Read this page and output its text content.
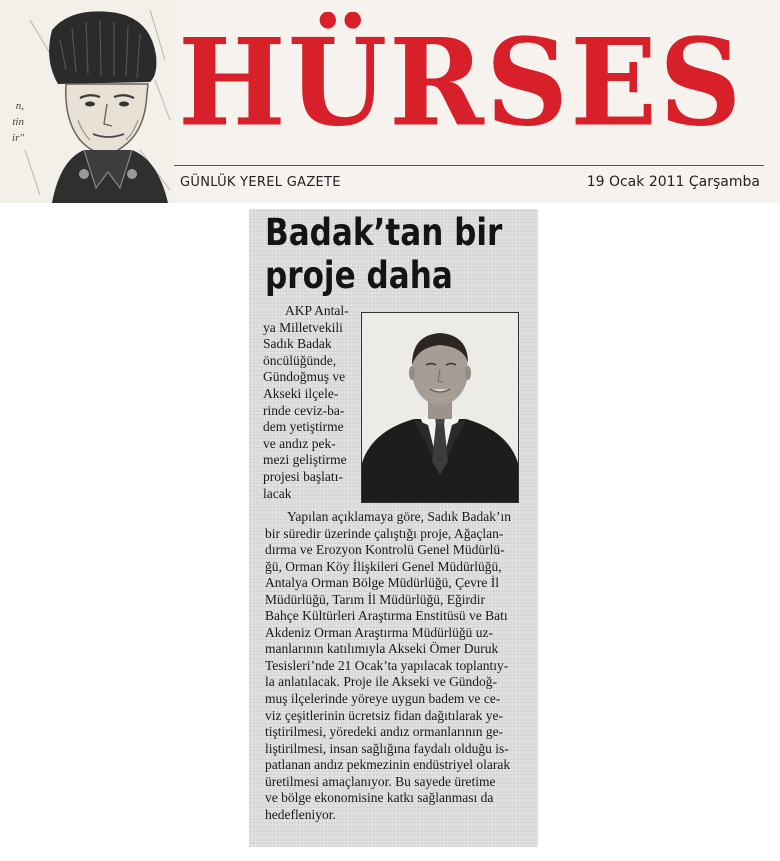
n,
tin
ir" HÜRSES
GÜNLÜK YEREL GAZETE	19 Ocak 2011 Çarşamba
Badak’tan bir
proje daha
AKP Antal-
ya Milletvekili
Sadık Badak
öncülüğünde,
Gündoğmuş ve
Akseki ilçele-
rinde ceviz-ba-
dem yetiştirme
ve andız pek-
mezi geliştirme
projesi başlatı-
lacak
Yapılan açıklamaya göre, Sadık Badak’ın
bir süredir üzerinde çalıştığı proje, Ağaçlan-
dırma ve Erozyon Kontrolü Genel Müdürlü-
ğü, Orman Köy İlişkileri Genel Müdürlüğü,
Antalya Orman Bölge Müdürlüğü, Çevre İl
Müdürlüğü, Tarım İl Müdürlüğü, Eğirdir
Bahçe Kültürleri Araştırma Enstitüsü ve Batı
Akdeniz Orman Araştırma Müdürlüğü uz-
manlarının katılımıyla Akseki Ömer Duruk
Tesisleri’nde 21 Ocak’ta yapılacak toplantıy-
la anlatılacak. Proje ile Akseki ve Gündoğ-
muş ilçelerinde yöreye uygun badem ve ce-
viz çeşitlerinin ücretsiz fidan dağıtılarak ye-
tiştirilmesi, yöredeki andız ormanlarının ge-
liştirilmesi, insan sağlığına faydalı olduğu is-
patlanan andız pekmezinin endüstriyel olarak
üretilmesi amaçlanıyor. Bu sayede üretime
ve bölge ekonomisine katkı sağlanması da
hedefleniyor.
